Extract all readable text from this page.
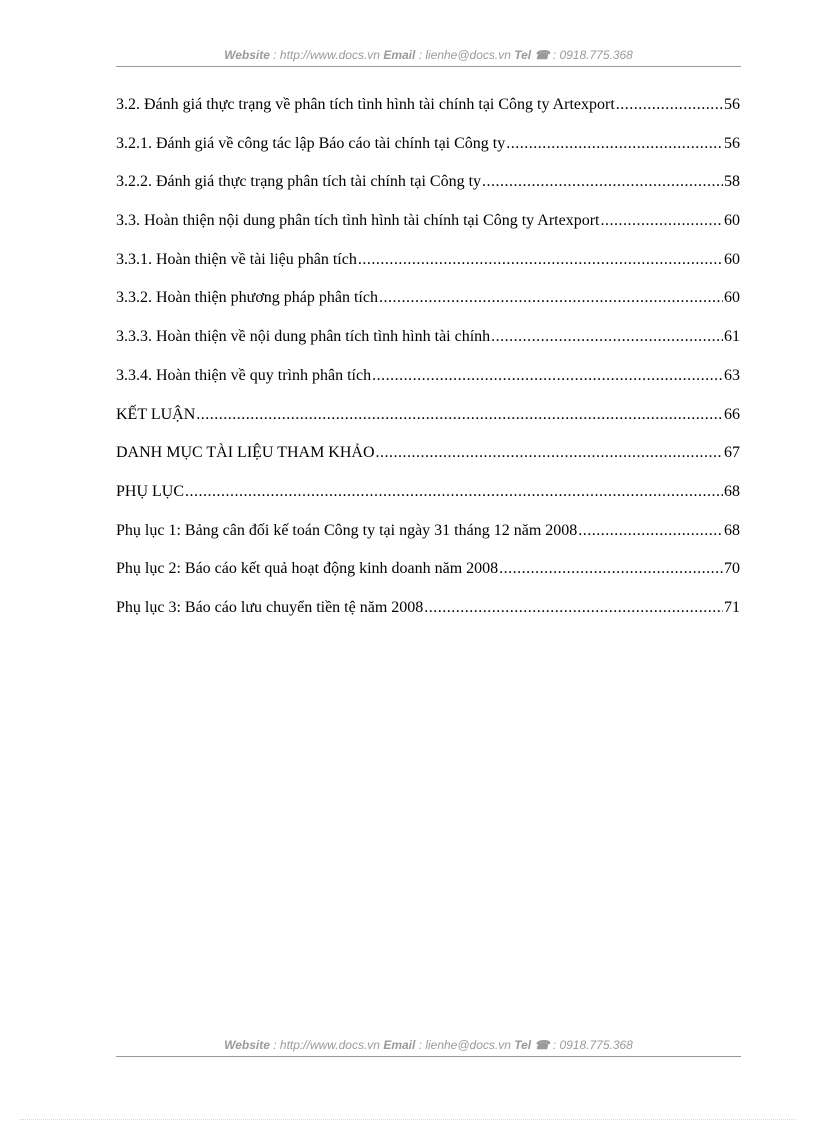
Website : http://www.docs.vn Email : lienhe@docs.vn Tel ☎ : 0918.775.368
3.2. Đánh giá thực trạng về phân tích tình hình tài chính tại Công ty Artexport .....	56
3.2.1. Đánh giá về công tác lập Báo cáo tài chính tại Công ty .....	56
3.2.2. Đánh giá thực trạng phân tích tài chính tại Công ty .....	58
3.3. Hoàn thiện nội dung phân tích tình hình tài chính tại Công ty Artexport .....	60
3.3.1. Hoàn thiện về tài liệu phân tích .....	60
3.3.2. Hoàn thiện phương pháp phân tích .....	60
3.3.3. Hoàn thiện về nội dung phân tích tình hình tài chính .....	61
3.3.4. Hoàn thiện về quy trình phân tích .....	63
KẾT LUẬN .....	66
DANH MỤC TÀI LIỆU THAM KHẢO .....	67
PHỤ LỤC .....	68
Phụ lục 1: Bảng cân đối kế toán Công ty tại ngày 31 tháng 12 năm 2008 .....	68
Phụ lục 2: Báo cáo kết quả hoạt động kinh doanh năm 2008 .....	70
Phụ lục 3: Báo cáo lưu chuyển tiền tệ năm 2008 .....	71
Website : http://www.docs.vn Email : lienhe@docs.vn Tel ☎ : 0918.775.368
